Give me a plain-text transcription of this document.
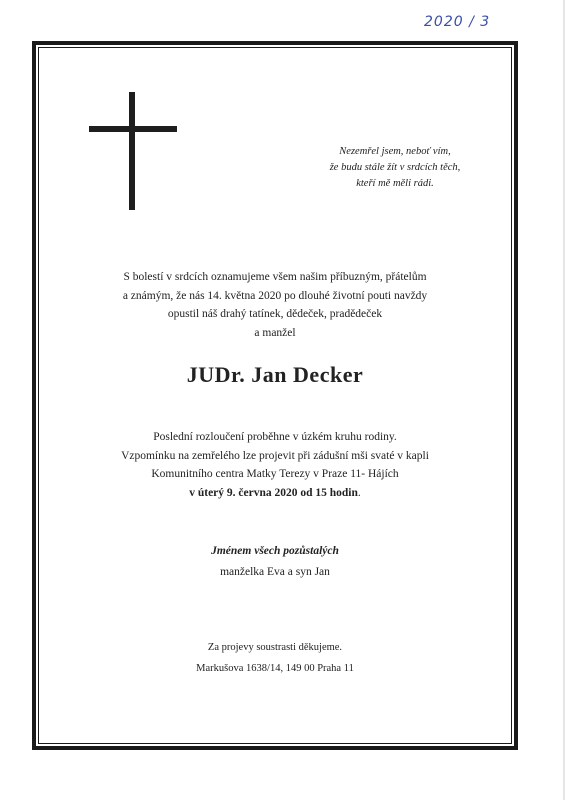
2020 / 3
Nezemřel jsem, neboť vím,
že budu stále žít v srdcích těch,
kteří mě měli rádi.
S bolestí v srdcích oznamujeme všem našim příbuzným, přátelům
a známým, že nás 14. května 2020 po dlouhé životní pouti navždy
opustil náš drahý tatínek, dědeček, pradědeček
a manžel
JUDr. Jan Decker
Poslední rozloučení proběhne v úzkém kruhu rodiny.
Vzpomínku na zemřelého lze projevit při zádušní mši svaté v kapli
Komunitního centra Matky Terezy v Praze 11- Hájích
v úterý 9. června 2020 od 15 hodin.
Jménem všech pozůstalých
manželka Eva a syn Jan
Za projevy soustrasti děkujeme.
Markušova 1638/14, 149 00 Praha 11
